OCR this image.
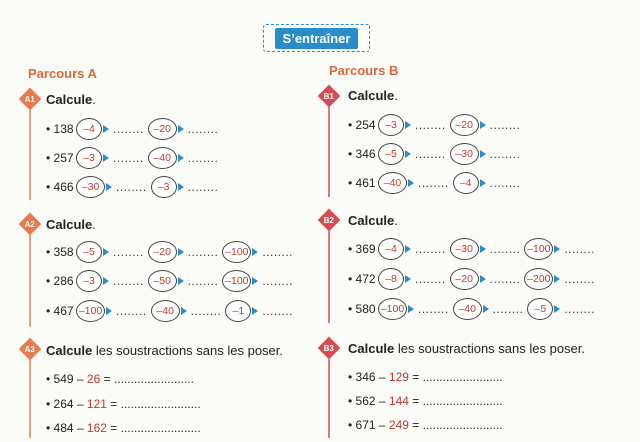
S’entraîner
Parcours A	Parcours B
A1 Calcule.
• 138 –4	........ –20	........
• 257 –3	........ –40	........
• 466 –30	........	–3	........
A2 Calcule.
• 358 –5	........ –20	........ –100 ........
• 286 –3	........ –50	........ –100 ........
• 467 –100 ........ –40	........	–1	........
A3 Calcule les soustractions sans les poser.
• 549 – 26 = ........................
• 264 – 121 = ........................
• 484 – 162 = ........................
B1 Calcule.
• 254 –3	........ –20	........
• 346 –5	........ –30	........
• 461 –40	........	–4	........
B2 Calcule.
• 369 –4	........ –30	........ –100 ........
• 472 –8	........ –20	........ –200 ........
• 580 –100 ........ –40	........	–5	........
B3 Calcule les soustractions sans les poser.
• 346 – 129 = ........................
• 562 – 144 = ........................
• 671 – 249 = ........................
